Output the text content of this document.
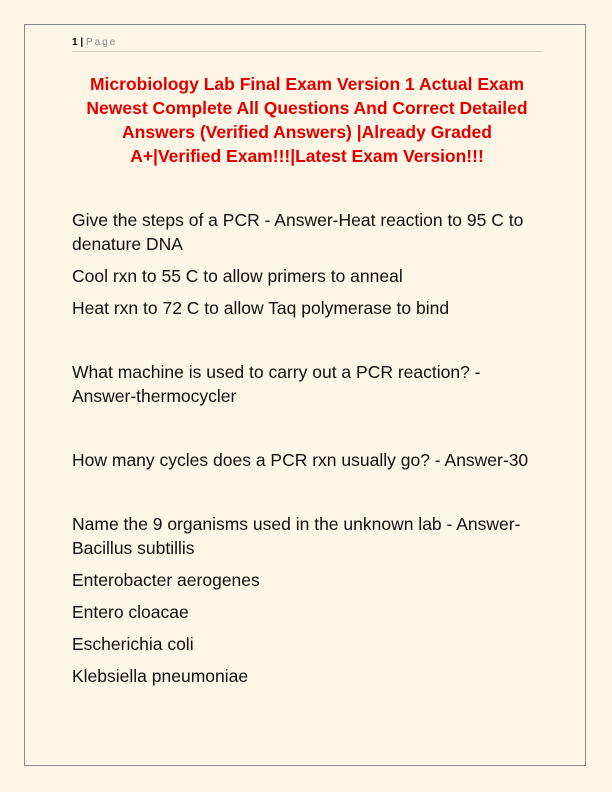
1 | Page
Microbiology Lab Final Exam Version 1 Actual Exam
Newest Complete All Questions And Correct Detailed
Answers (Verified Answers) |Already Graded
A+|Verified Exam!!!|Latest Exam Version!!!

Give the steps of a PCR - Answer-Heat reaction to 95 C to denature DNA

Cool rxn to 55 C to allow primers to anneal

Heat rxn to 72 C to allow Taq polymerase to bind

What machine is used to carry out a PCR reaction? - Answer-thermocycler

How many cycles does a PCR rxn usually go? - Answer-30

Name the 9 organisms used in the unknown lab - Answer-Bacillus subtillis

Enterobacter aerogenes

Entero cloacae

Escherichia coli

Klebsiella pneumoniae
